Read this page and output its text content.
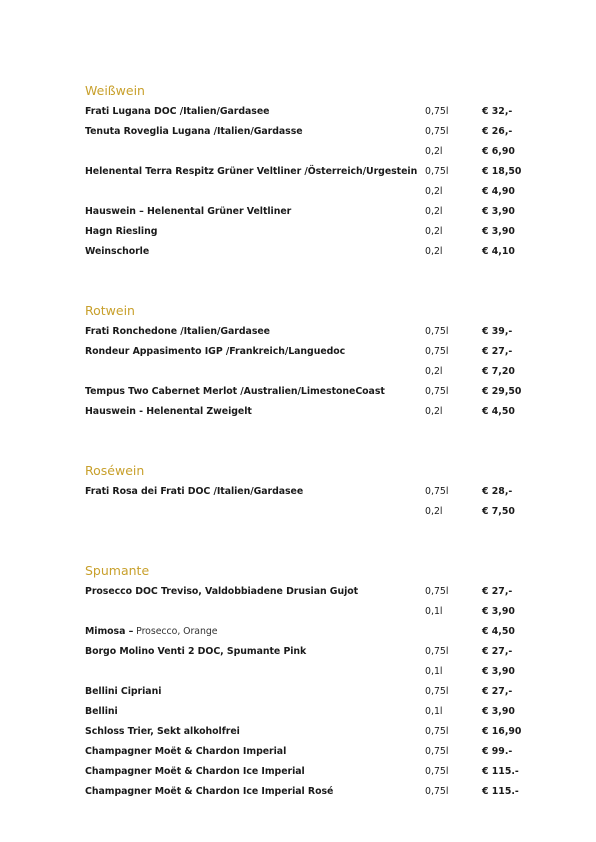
Weißwein
Frati Lugana DOC /Italien/Gardasee	0,75l	€ 32,-
Tenuta Roveglia Lugana /Italien/Gardasse	0,75l	€ 26,-
0,2l	€ 6,90
Helenental Terra Respitz Grüner Veltliner /Österreich/Urgestein 0,75l	€ 18,50
0,2l	€ 4,90
Hauswein – Helenental Grüner Veltliner	0,2l	€ 3,90
Hagn Riesling	0,2l	€ 3,90
Weinschorle	0,2l	€ 4,10
Rotwein
Frati Ronchedone /Italien/Gardasee	0,75l	€ 39,-
Rondeur Appasimento IGP /Frankreich/Languedoc	0,75l	€ 27,-
0,2l	€ 7,20
Tempus Two Cabernet Merlot /Australien/LimestoneCoast	0,75l	€ 29,50
Hauswein - Helenental Zweigelt	0,2l	€ 4,50
Roséwein
Frati Rosa dei Frati DOC /Italien/Gardasee	0,75l	€ 28,-
0,2l	€ 7,50
Spumante
Prosecco DOC Treviso, Valdobbiadene Drusian Gujot	0,75l	€ 27,-
0,1l	€ 3,90
Mimosa – Prosecco, Orange	€ 4,50
Borgo Molino Venti 2 DOC, Spumante Pink	0,75l	€ 27,-
0,1l	€ 3,90
Bellini Cipriani	0,75l	€ 27,-
Bellini	0,1l	€ 3,90
Schloss Trier, Sekt alkoholfrei	0,75l	€ 16,90
Champagner Moët & Chardon Imperial	0,75l	€ 99.-
Champagner Moët & Chardon Ice Imperial	0,75l	€ 115.-
Champagner Moët & Chardon Ice Imperial Rosé	0,75l	€ 115.-
